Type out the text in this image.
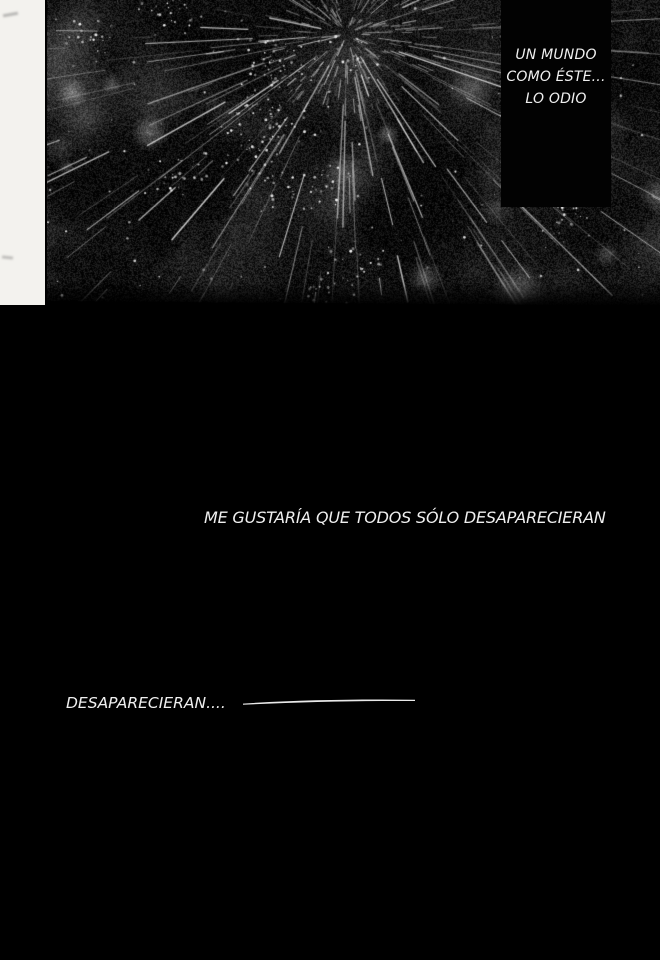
UN MUNDO
COMO ÉSTE...
LO ODIO
ME GUSTARÍA QUE TODOS SÓLO DESAPARECIERAN
DESAPARECIERAN....
